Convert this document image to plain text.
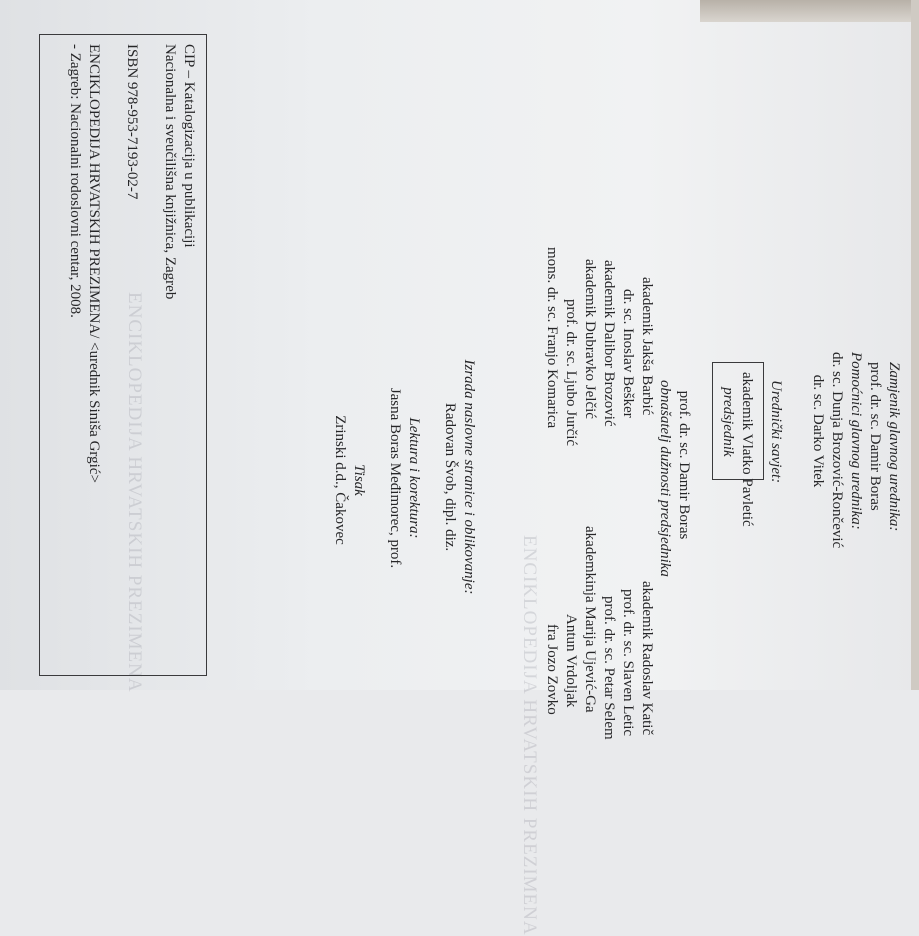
ENCIKLOPEDIJA HRVATSKIH PREZIMENA
ENCIKLOPEDIJA HRVATSKIH PREZIMENA
Zamjenik glavnog urednika:
prof. dr. sc. Damir Boras
Pomoćnici glavnog urednika:
dr. sc. Dunja Brozović-Rončević
dr. sc. Darko Vitek
Urednički savjet:
akademik Vlatko Pavletić
predsjednik
prof. dr. sc. Damir Boras
obnašatelj dužnosti predsjednika
akademik Jakša Barbić
dr. sc. Inoslav Bešker
akademik Dalibor Brozović
akademik Dubravko Jelčić
prof. dr. sc. Ljubo Jurčić
mons. dr. sc. Franjo Komarica
akademik Radoslav Katič
prof. dr. sc. Slaven Letic
prof. dr. sc. Petar Selem
akademkinja Marija Ujević-Ga
Antun Vrdoljak
fra Jozo Zovko
Izrada naslovne stranice i oblikovanje:
Radovan Švob, dipl. diz.
Lektura i korektura:
Jasna Boras Međimorec, prof.
Tisak
Zrinski d.d., Čakovec
CIP – Katalogizacija u publikaciji
Nacionalna i sveučilišna knjižnica, Zagreb
ISBN 978-953-7193-02-7
ENCIKLOPEDIJA HRVATSKIH PREZIMENA/ <urednik Siniša Grgić>
- Zagreb: Nacionalni rodoslovni centar, 2008.
